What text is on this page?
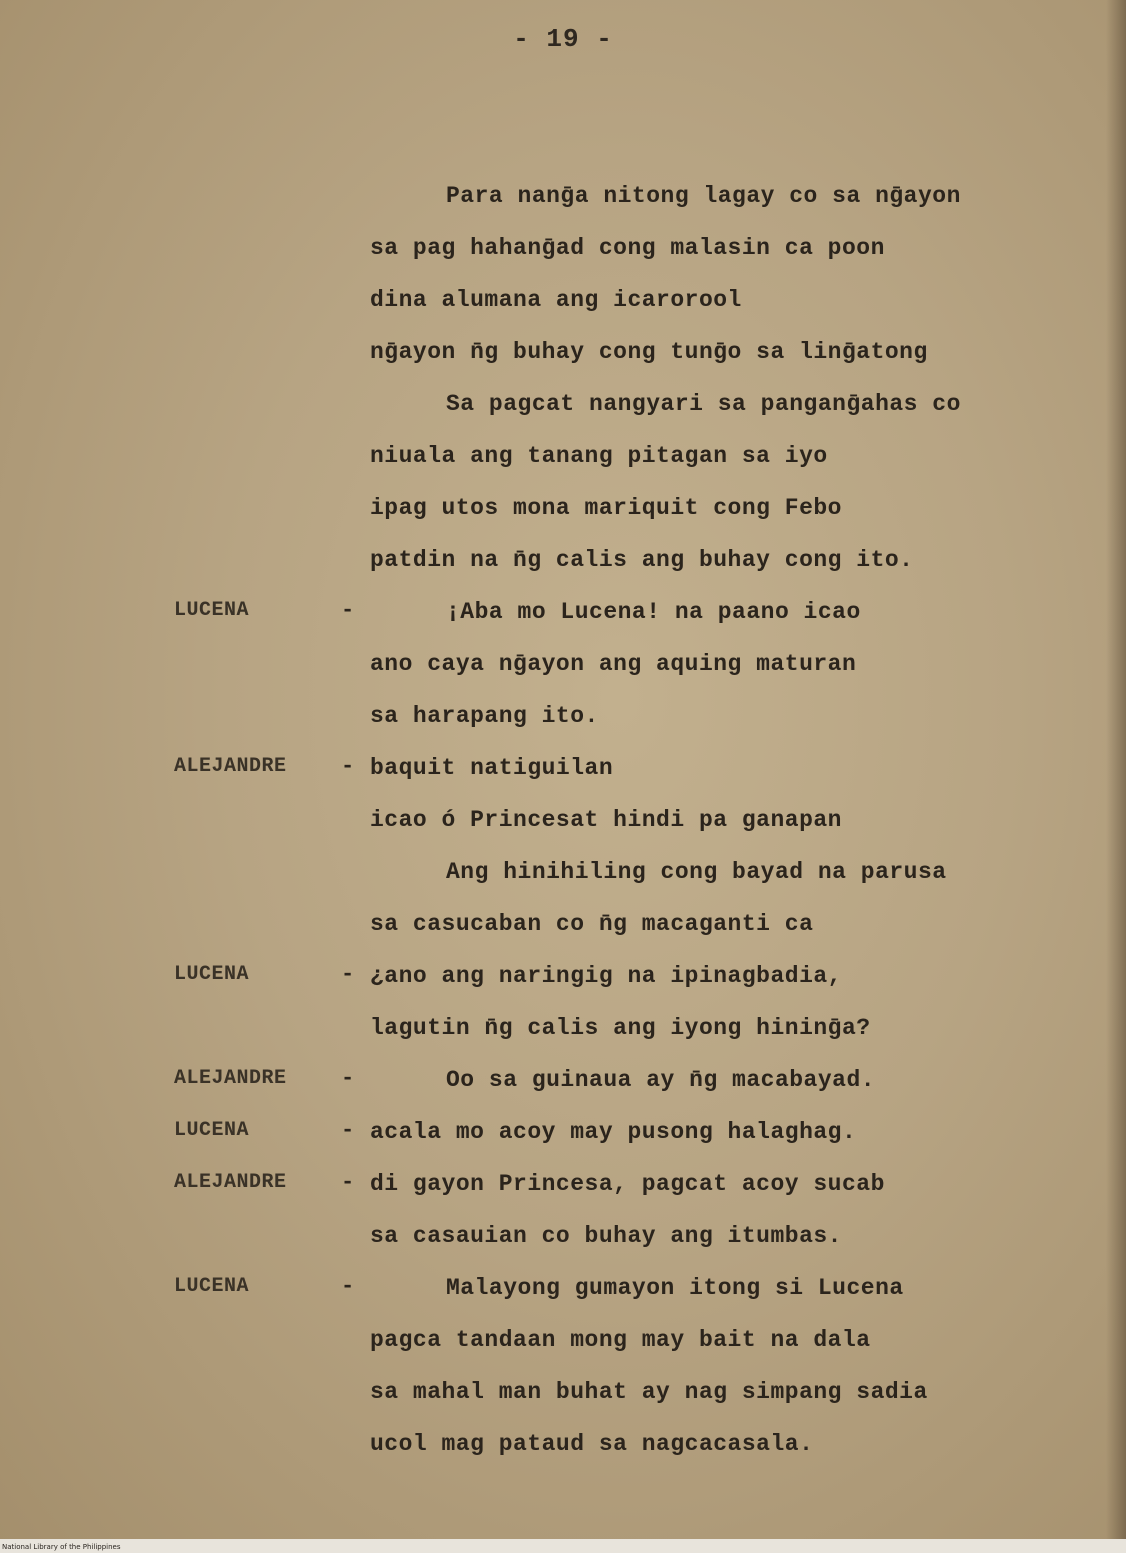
- 19 -
Para nanḡa nitong lagay co sa nḡayon
sa pag hahanḡad cong malasin ca poon
dina alumana ang icarorool
nḡayon n̄g buhay cong tunḡo sa linḡatong
Sa pagcat nangyari sa panganḡahas co
niuala ang tanang pitagan sa iyo
ipag utos mona mariquit cong Febo
patdin na n̄g calis ang buhay cong ito.
LUCENA	-	¡Aba mo Lucena! na paano icao
ano caya nḡayon ang aquing maturan
sa harapang ito.
ALEJANDRE - baquit natiguilan
icao ó Princesat hindi pa ganapan
Ang hinihiling cong bayad na parusa
sa casucaban co n̄g macaganti ca
LUCENA	- ¿ano ang naringig na ipinagbadia,
lagutin n̄g calis ang iyong hininḡa?
ALEJANDRE -	Oo sa guinaua ay n̄g macabayad.
LUCENA	- acala mo acoy may pusong halaghag.
ALEJANDRE - di gayon Princesa, pagcat acoy sucab
sa casauian co buhay ang itumbas.
LUCENA	-	Malayong gumayon itong si Lucena
pagca tandaan mong may bait na dala
sa mahal man buhat ay nag simpang sadia
ucol mag pataud sa nagcacasala.
National Library of the Philippines
